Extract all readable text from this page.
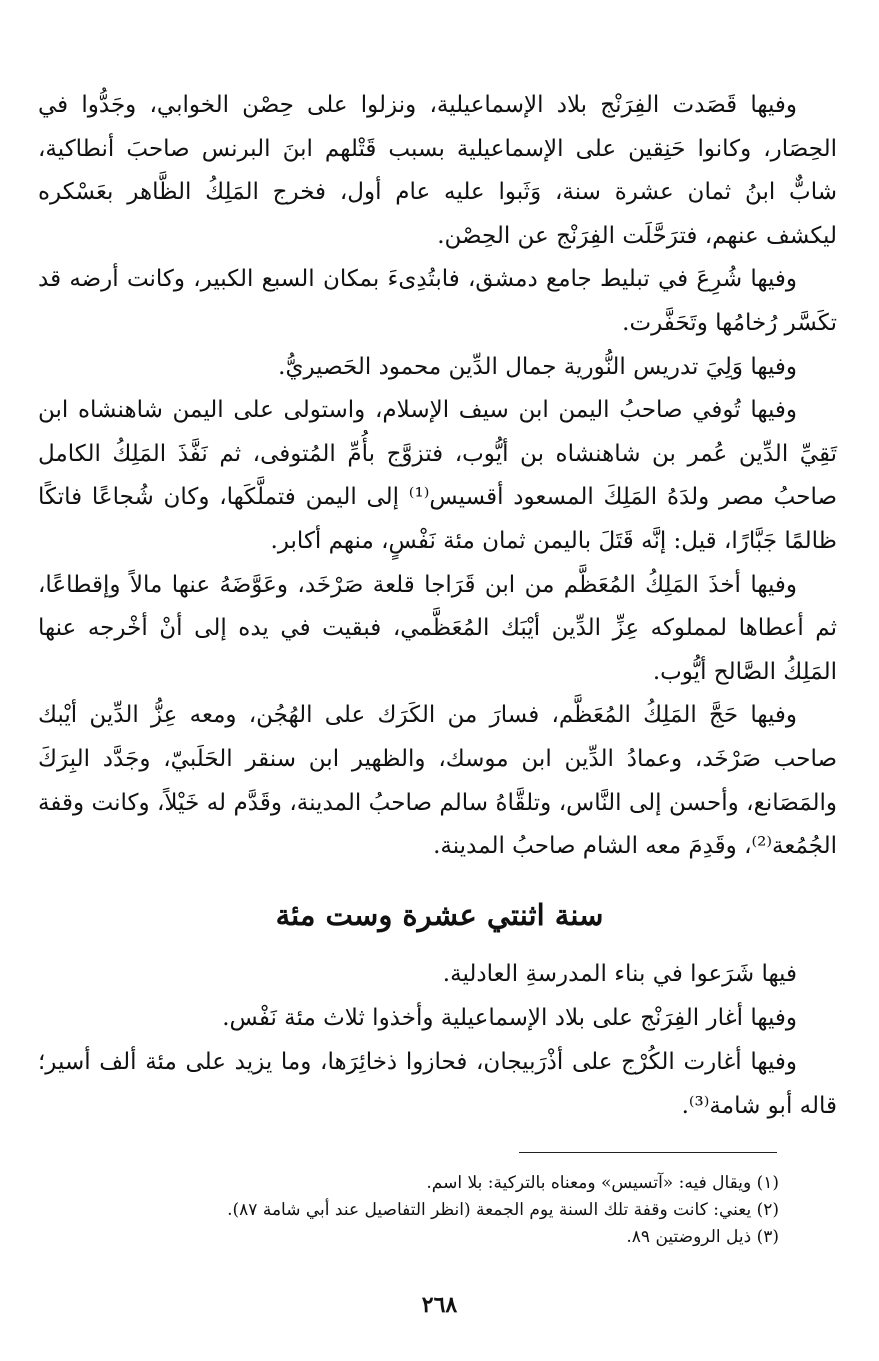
وفيها قَصَدت الفِرَنْج بلاد الإسماعيلية، ونزلوا على حِصْن الخوابي، وجَدُّوا في الحِصَار، وكانوا حَنِقين على الإسماعيلية بسبب قَتْلهم ابنَ البرنس صاحبَ أنطاكية، شابٌّ ابنُ ثمان عشرة سنة، وَثَبوا عليه عام أول، فخرج المَلِكُ الظَّاهر بعَسْكره ليكشف عنهم، فترَحَّلَت الفِرَنْج عن الحِصْن.

وفيها شُرِعَ في تبليط جامع دمشق، فابتُدِىءَ بمكان السبع الكبير، وكانت أرضه قد تكَسَّر رُخامُها وتَحَفَّرت.

وفيها وَلِيَ تدريس النُّورية جمال الدِّين محمود الحَصيريُّ.

وفيها تُوفي صاحبُ اليمن ابن سيف الإسلام، واستولى على اليمن شاهنشاه ابن تَقِيِّ الدِّين عُمر بن شاهنشاه بن أيُّوب، فتزوَّج بأُمِّ المُتوفى، ثم نَفَّذَ المَلِكُ الكامل صاحبُ مصر ولدَهُ المَلِكَ المسعود أقسيس⁽¹⁾ إلى اليمن فتملَّكَها، وكان شُجاعًا فاتكًا ظالمًا جَبَّارًا، قيل: إنَّه قَتَلَ باليمن ثمان مئة نَفْسٍ، منهم أكابر.

وفيها أخذَ المَلِكُ المُعَظَّم من ابن قَرَاجا قلعة صَرْخَد، وعَوَّضَهُ عنها مالاً وإقطاعًا، ثم أعطاها لمملوكه عِزِّ الدِّين أيْبَك المُعَظَّمي، فبقيت في يده إلى أنْ أخْرجه عنها المَلِكُ الصَّالح أيُّوب.

وفيها حَجَّ المَلِكُ المُعَظَّم، فسارَ من الكَرَك على الهُجُن، ومعه عِزُّ الدِّين أيْبك صاحب صَرْخَد، وعمادُ الدِّين ابن موسك، والظهير ابن سنقر الحَلَبيّ، وجَدَّد البِرَكَ والمَصَانع، وأحسن إلى النَّاس، وتلقَّاهُ سالم صاحبُ المدينة، وقَدَّم له خَيْلاً، وكانت وقفة الجُمُعة⁽²⁾، وقَدِمَ معه الشام صاحبُ المدينة.

سنة اثنتي عشرة وست مئة

فيها شَرَعوا في بناء المدرسةِ العادلية.

وفيها أغار الفِرَنْج على بلاد الإسماعيلية وأخذوا ثلاث مئة نَفْس.

وفيها أغارت الكُرْج على أذْرَبيجان، فحازوا ذخائِرَها، وما يزيد على مئة ألف أسير؛ قاله أبو شامة⁽³⁾.

(١) ويقال فيه: «آتسيس» ومعناه بالتركية: بلا اسم.

(٢) يعني: كانت وقفة تلك السنة يوم الجمعة (انظر التفاصيل عند أبي شامة ٨٧).

(٣) ذيل الروضتين ٨٩.

٢٦٨
